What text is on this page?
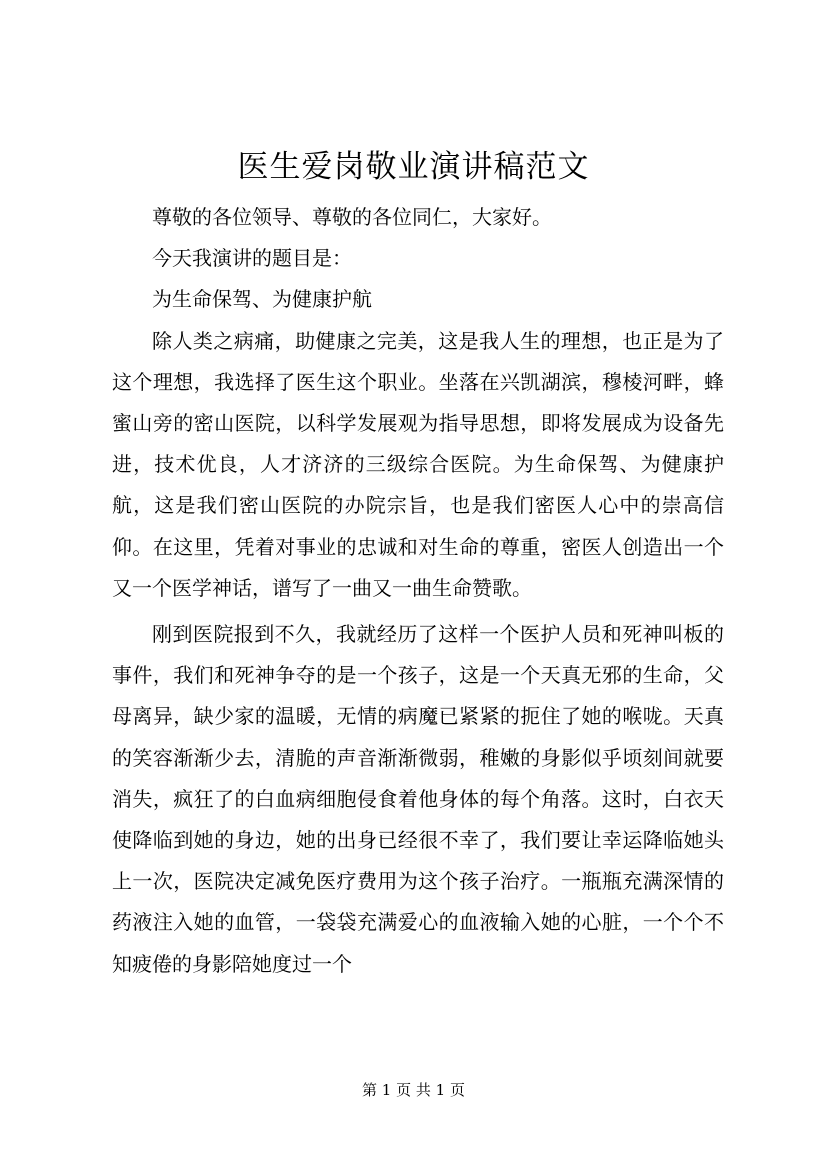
医生爱岗敬业演讲稿范文

尊敬的各位领导、尊敬的各位同仁，大家好。

今天我演讲的题目是：

为生命保驾、为健康护航

除人类之病痛，助健康之完美，这是我人生的理想，也正是为了这个理想，我选择了医生这个职业。坐落在兴凯湖滨，穆棱河畔，蜂蜜山旁的密山医院，以科学发展观为指导思想，即将发展成为设备先进，技术优良，人才济济的三级综合医院。为生命保驾、为健康护航，这是我们密山医院的办院宗旨，也是我们密医人心中的崇高信仰。在这里，凭着对事业的忠诚和对生命的尊重，密医人创造出一个又一个医学神话，谱写了一曲又一曲生命赞歌。

刚到医院报到不久，我就经历了这样一个医护人员和死神叫板的事件，我们和死神争夺的是一个孩子，这是一个天真无邪的生命，父母离异，缺少家的温暖，无情的病魔已紧紧的扼住了她的喉咙。天真的笑容渐渐少去，清脆的声音渐渐微弱，稚嫩的身影似乎顷刻间就要消失，疯狂了的白血病细胞侵食着他身体的每个角落。这时，白衣天使降临到她的身边，她的出身已经很不幸了，我们要让幸运降临她头上一次，医院决定减免医疗费用为这个孩子治疗。一瓶瓶充满深情的药液注入她的血管，一袋袋充满爱心的血液输入她的心脏，一个个不知疲倦的身影陪她度过一个

第 1 页 共 1 页
